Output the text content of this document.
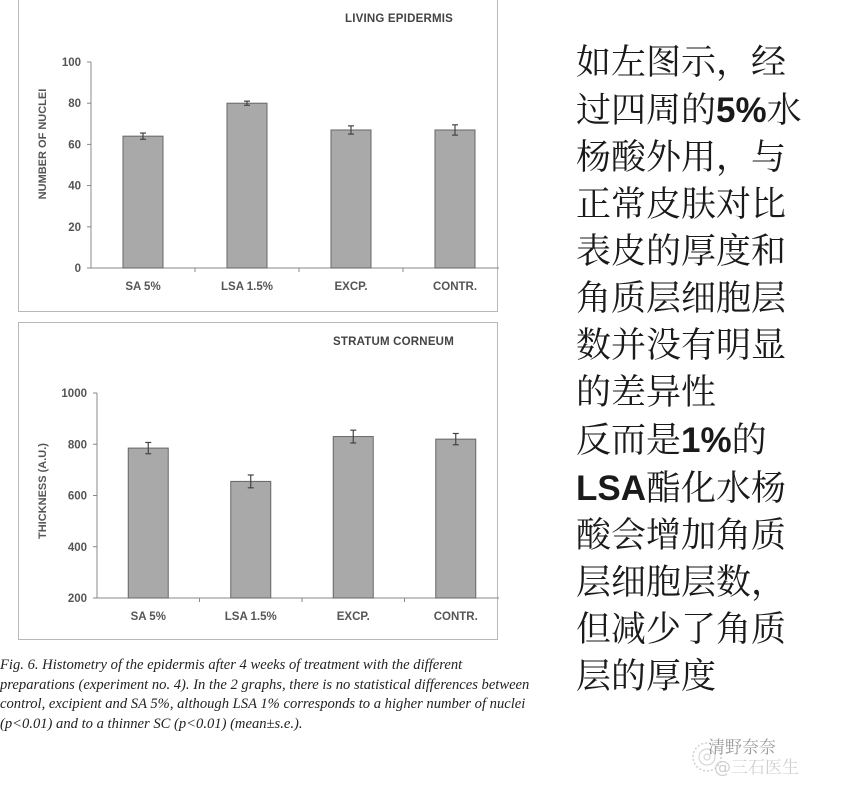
LIVING EPIDERMIS
NUMBER OF NUCLEI
0
20
40
60
80
100
SA 5%	LSA 1.5%	EXCP.	CONTR.
STRATUM CORNEUM
THICKNESS (A.U.)
200
400
600
800
1000
SA 5%	LSA 1.5%	EXCP.	CONTR.
Fig. 6. Histometry of the epidermis after 4 weeks of treatment with the different preparations (experiment no. 4). In the 2 graphs, there is no statistical differences between control, excipient and SA 5%, although LSA 1% corresponds to a higher number of nuclei (p<0.01) and to a thinner SC (p<0.01) (mean±s.e.).
如左图示，经
过四周的5%水
杨酸外用，与
正常皮肤对比
表皮的厚度和
角质层细胞层
数并没有明显
的差异性
反而是1%的
LSA酯化水杨
酸会增加角质
层细胞层数，
但减少了角质
层的厚度
清野奈奈
@三石医生
